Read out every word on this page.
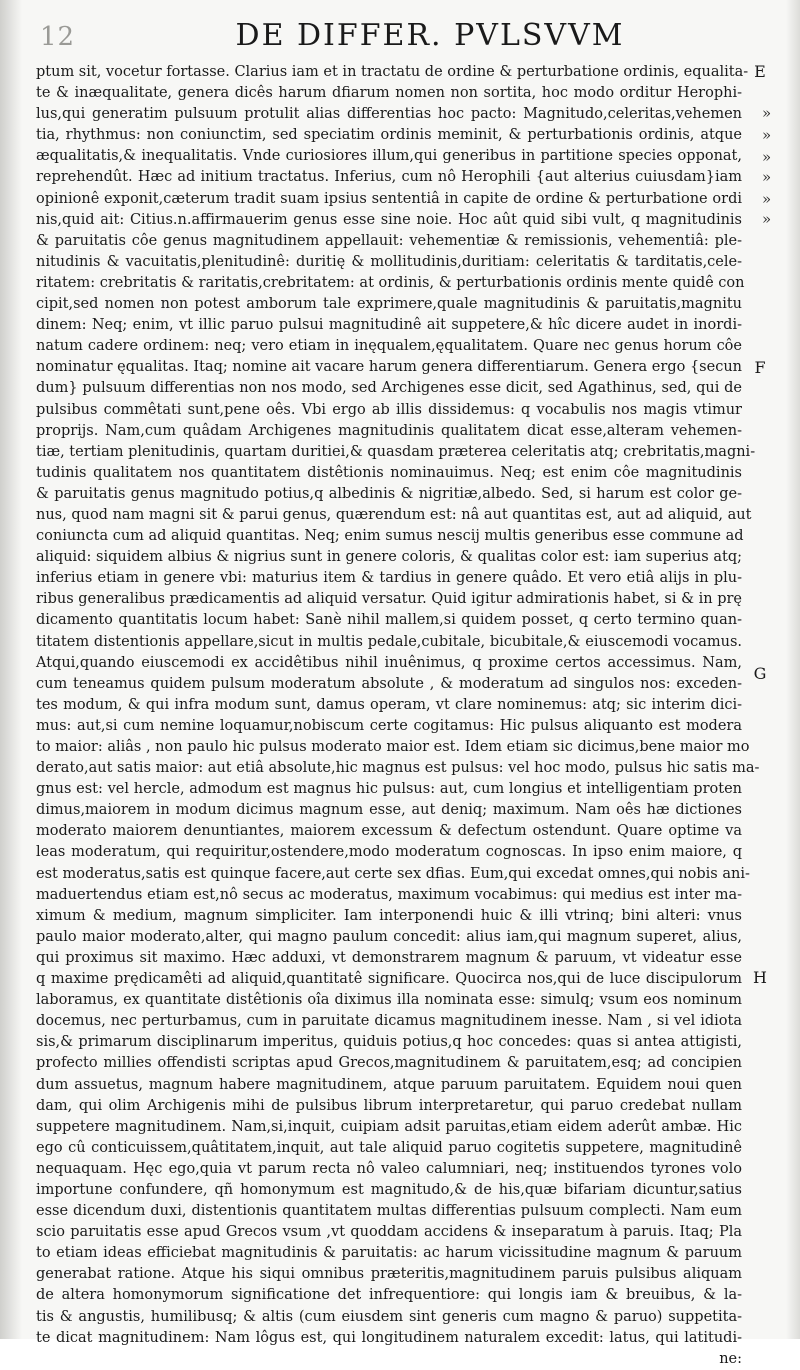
12	DE DIFFER. PVLSVVM
ptum sit, vocetur fortasse. Clarius iam et in tractatu de ordine & perturbatione ordinis, equalita-
te & inæqualitate, genera dicês harum dfiarum nomen non sortita, hoc modo orditur Herophi-
lus,qui generatim pulsuum protulit alias differentias hoc pacto: Magnitudo,celeritas,vehemen
tia, rhythmus: non coniunctim, sed speciatim ordinis meminit, & perturbationis ordinis, atque
æqualitatis,& inequalitatis. Vnde curiosiores illum,qui generibus in partitione species opponat,
reprehendût. Hæc ad initium tractatus. Inferius, cum nô Herophili {aut alterius cuiusdam}iam
opinionê exponit,cæterum tradit suam ipsius sententiâ in capite de ordine & perturbatione ordi
nis,quid ait: Citius.n.affirmauerim genus esse sine noie. Hoc aût quid sibi vult, q magnitudinis
& paruitatis côe genus magnitudinem appellauit: vehementiæ & remissionis, vehementiâ: ple-
nitudinis & vacuitatis,plenitudinê: duritię & mollitudinis,duritiam: celeritatis & tarditatis,cele-
ritatem: crebritatis & raritatis,crebritatem: at ordinis, & perturbationis ordinis mente quidê con
cipit,sed nomen non potest amborum tale exprimere,quale magnitudinis & paruitatis,magnitu
dinem: Neq; enim, vt illic paruo pulsui magnitudinê ait suppetere,& hîc dicere audet in inordi-
natum cadere ordinem: neq; vero etiam in inęqualem,ęqualitatem. Quare nec genus horum côe
nominatur ęqualitas. Itaq; nomine ait vacare harum genera differentiarum. Genera ergo {secun
dum} pulsuum differentias non nos modo, sed Archigenes esse dicit, sed Agathinus, sed, qui de
pulsibus commêtati sunt,pene oês. Vbi ergo ab illis dissidemus: q vocabulis nos magis vtimur
proprijs. Nam,cum quâdam Archigenes magnitudinis qualitatem dicat esse,alteram vehemen-
tiæ, tertiam plenitudinis, quartam duritiei,& quasdam præterea celeritatis atq; crebritatis,magni-
tudinis qualitatem nos quantitatem distêtionis nominauimus. Neq; est enim côe magnitudinis
& paruitatis genus magnitudo potius,q albedinis & nigritiæ,albedo. Sed, si harum est color ge-
nus, quod nam magni sit & parui genus, quærendum est: nâ aut quantitas est, aut ad aliquid, aut
coniuncta cum ad aliquid quantitas. Neq; enim sumus nescij multis generibus esse commune ad
aliquid: siquidem albius & nigrius sunt in genere coloris, & qualitas color est: iam superius atq;
inferius etiam in genere vbi: maturius item & tardius in genere quâdo. Et vero etiâ alijs in plu-
ribus generalibus prædicamentis ad aliquid versatur. Quid igitur admirationis habet, si & in prę
dicamento quantitatis locum habet: Sanè nihil mallem,si quidem posset, q certo termino quan-
titatem distentionis appellare,sicut in multis pedale,cubitale, bicubitale,& eiuscemodi vocamus.
Atqui,quando eiuscemodi ex accidêtibus nihil inuênimus, q proxime certos accessimus. Nam,
cum teneamus quidem pulsum moderatum absolute , & moderatum ad singulos nos: exceden-
tes modum, & qui infra modum sunt, damus operam, vt clare nominemus: atq; sic interim dici-
mus: aut,si cum nemine loquamur,nobiscum certe cogitamus: Hic pulsus aliquanto est modera
to maior: aliâs , non paulo hic pulsus moderato maior est. Idem etiam sic dicimus,bene maior mo
derato,aut satis maior: aut etiâ absolute,hic magnus est pulsus: vel hoc modo, pulsus hic satis ma-
gnus est: vel hercle, admodum est magnus hic pulsus: aut, cum longius et intelligentiam proten
dimus,maiorem in modum dicimus magnum esse, aut deniq; maximum. Nam oês hæ dictiones
moderato maiorem denuntiantes, maiorem excessum & defectum ostendunt. Quare optime va
leas moderatum, qui requiritur,ostendere,modo moderatum cognoscas. In ipso enim maiore, q
est moderatus,satis est quinque facere,aut certe sex dfias. Eum,qui excedat omnes,qui nobis ani-
maduertendus etiam est,nô secus ac moderatus, maximum vocabimus: qui medius est inter ma-
ximum & medium, magnum simpliciter. Iam interponendi huic & illi vtrinq; bini alteri: vnus
paulo maior moderato,alter, qui magno paulum concedit: alius iam,qui magnum superet, alius,
qui proximus sit maximo. Hæc adduxi, vt demonstrarem magnum & paruum, vt videatur esse
q maxime prędicamêti ad aliquid,quantitatê significare. Quocirca nos,qui de luce discipulorum
laboramus, ex quantitate distêtionis oîa diximus illa nominata esse: simulq; vsum eos nominum
docemus, nec perturbamus, cum in paruitate dicamus magnitudinem inesse. Nam , si vel idiota
sis,& primarum disciplinarum imperitus, quiduis potius,q hoc concedes: quas si antea attigisti,
profecto millies offendisti scriptas apud Grecos,magnitudinem & paruitatem,esq; ad concipien
dum assuetus, magnum habere magnitudinem, atque paruum paruitatem. Equidem noui quen
dam, qui olim Archigenis mihi de pulsibus librum interpretaretur, qui paruo credebat nullam
suppetere magnitudinem. Nam,si,inquit, cuipiam adsit paruitas,etiam eidem aderût ambæ. Hic
ego cû conticuissem,quâtitatem,inquit, aut tale aliquid paruo cogitetis suppetere, magnitudinê
nequaquam. Hęc ego,quia vt parum recta nô valeo calumniari, neq; instituendos tyrones volo
importune confundere, qñ homonymum est magnitudo,& de his,quæ bifariam dicuntur,satius
esse dicendum duxi, distentionis quantitatem multas differentias pulsuum complecti. Nam eum
scio paruitatis esse apud Grecos vsum ,vt quoddam accidens & inseparatum à paruis. Itaq; Pla
to etiam ideas efficiebat magnitudinis & paruitatis: ac harum vicissitudine magnum & paruum
generabat ratione. Atque his siqui omnibus præteritis,magnitudinem paruis pulsibus aliquam
de altera homonymorum significatione det infrequentiore: qui longis iam & breuibus, & la-
tis & angustis, humilibusq; & altis (cum eiusdem sint generis cum magno & paruo) suppetita-
te dicat magnitudinem: Nam lôgus est, qui longitudinem naturalem excedit: latus, qui latitudi-
ne:
E
F
G
H
»
»
»
»
»
»
